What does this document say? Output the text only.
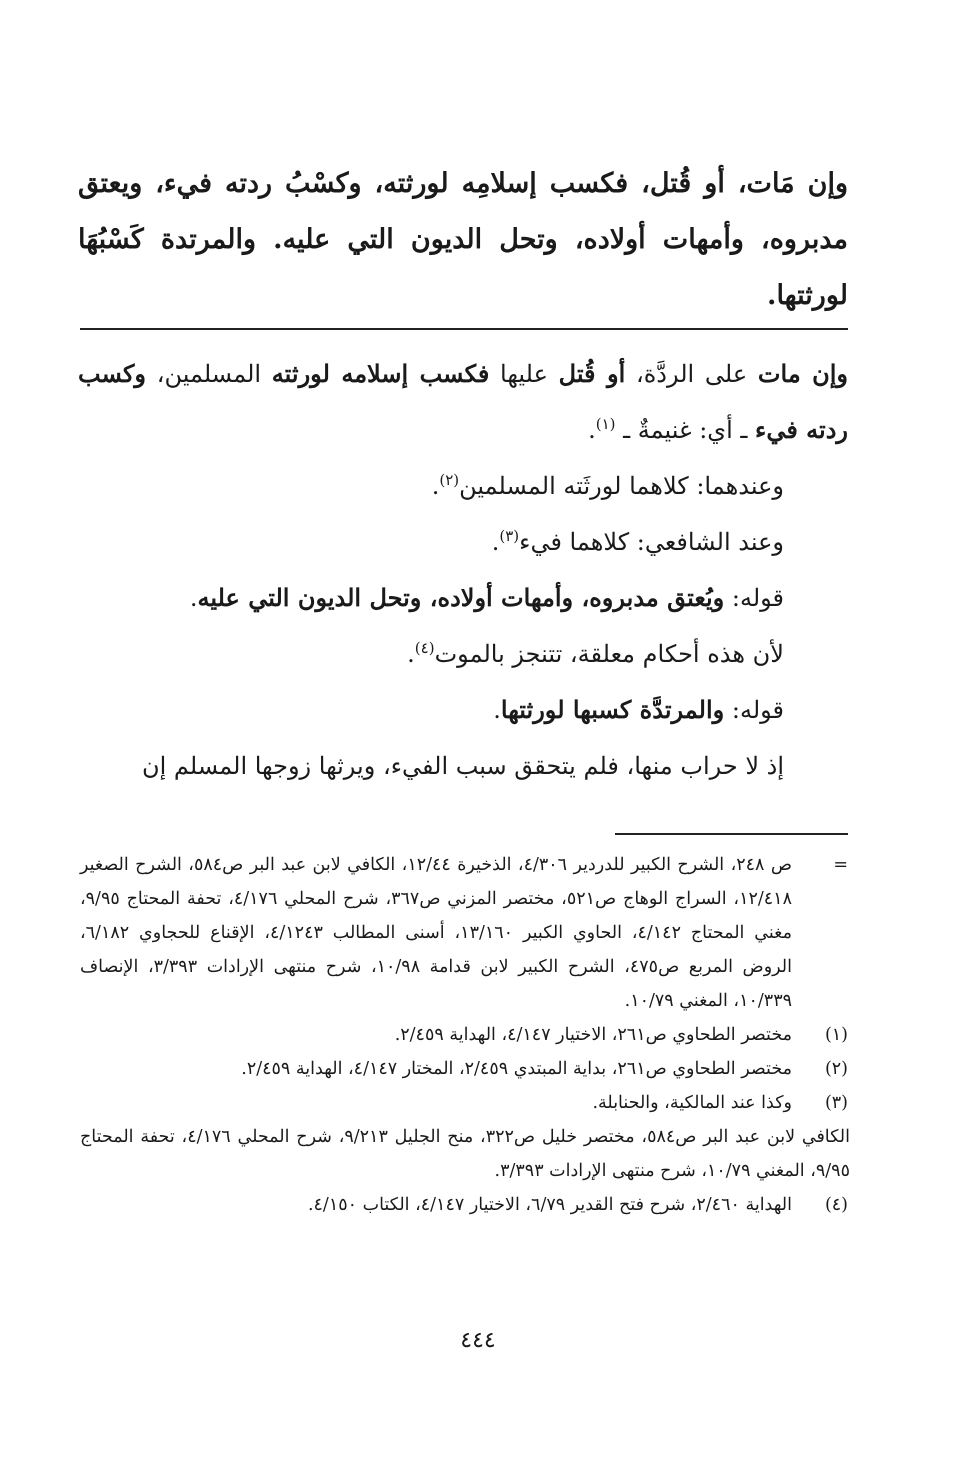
وإن مَات، أو قُتل، فكسب إسلامِه لورثته، وكسْبُ ردته فيء، ويعتق مدبروه، وأمهات أولاده، وتحل الديون التي عليه. والمرتدة كَسْبُهَا لورثتها.

وإن مات على الردَّة، أو قُتل عليها فكسب إسلامه لورثته المسلمين، وكسب ردته فيء ـ أي: غنيمةٌ ـ $^{(١)}$.

وعندهما: كلاهما لورثَته المسلمين$^{(٢)}$.

وعند الشافعي: كلاهما فيء$^{(٣)}$.

قوله: ويُعتق مدبروه، وأمهات أولاده، وتحل الديون التي عليه.

لأن هذه أحكام معلقة، تتنجز بالموت$^{(٤)}$.

قوله: والمرتدَّة كسبها لورثتها.

إذ لا حراب منها، فلم يتحقق سبب الفيء، ويرثها زوجها المسلم إن

=
ص ٢٤٨، الشرح الكبير للدردير ٤/٣٠٦، الذخيرة ١٢/٤٤، الكافي لابن عبد البر ص٥٨٤، الشرح الصغير ١٢/٤١٨، السراج الوهاج ص٥٢١، مختصر المزني ص٣٦٧، شرح المحلي ٤/١٧٦، تحفة المحتاج ٩/٩٥، مغني المحتاج ٤/١٤٢، الحاوي الكبير ١٣/١٦٠، أسنى المطالب ٤/١٢٤٣، الإقناع للحجاوي ٦/١٨٢، الروض المربع ص٤٧٥، الشرح الكبير لابن قدامة ١٠/٩٨، شرح منتهى الإرادات ٣/٣٩٣، الإنصاف ١٠/٣٣٩، المغني ١٠/٧٩.
(١)
مختصر الطحاوي ص٢٦١، الاختيار ٤/١٤٧، الهداية ٢/٤٥٩.
(٢)
مختصر الطحاوي ص٢٦١، بداية المبتدي ٢/٤٥٩، المختار ٤/١٤٧، الهداية ٢/٤٥٩.
(٣)
وكذا عند المالكية، والحنابلة.
الكافي لابن عبد البر ص٥٨٤، مختصر خليل ص٣٢٢، منح الجليل ٩/٢١٣، شرح المحلي ٤/١٧٦، تحفة المحتاج ٩/٩٥، المغني ١٠/٧٩، شرح منتهى الإرادات ٣/٣٩٣.
(٤)
الهداية ٢/٤٦٠، شرح فتح القدير ٦/٧٩، الاختيار ٤/١٤٧، الكتاب ٤/١٥٠.
٤٤٤
